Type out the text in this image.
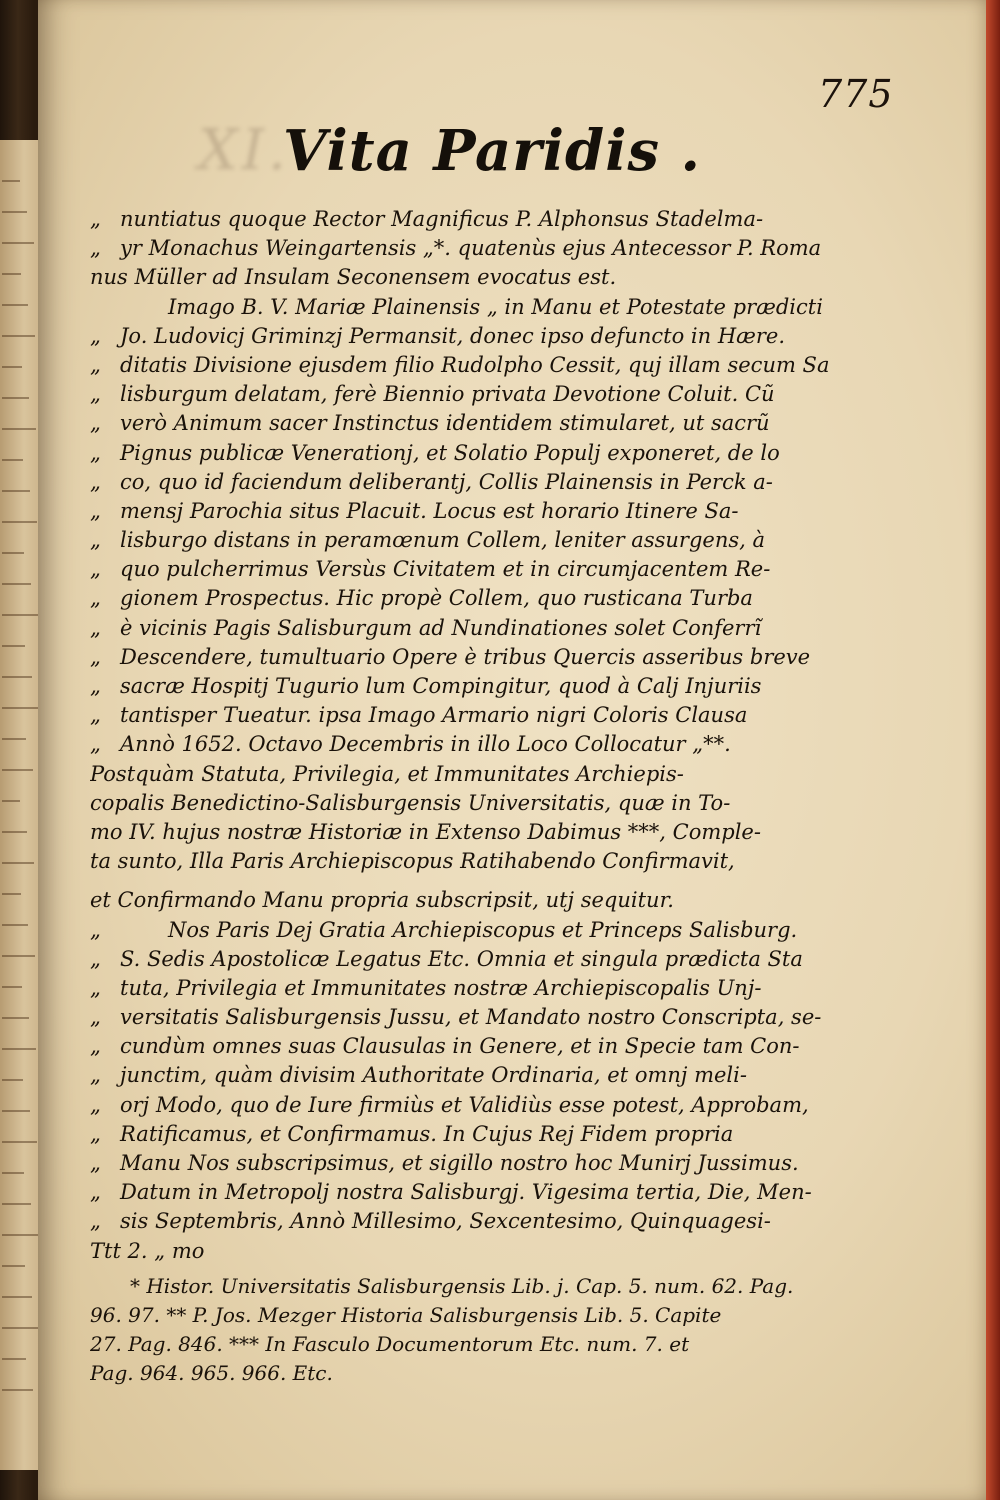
XI.
Vita Paridis .
775
„ nuntiatus quoque Rector Magnificus P. Alphonsus Stadelma-
„ yr Monachus Weingartensis „*. quatenùs ejus Antecessor P. Roma
nus Müller ad Insulam Seconensem evocatus est.
Imago B. V. Mariæ Plainensis „ in Manu et Potestate prædicti
„ Jo. Ludovicj Griminzj Permansit, donec ipso defuncto in Hære.
„ ditatis Divisione ejusdem filio Rudolpho Cessit, quj illam secum Sa
„ lisburgum delatam, ferè Biennio privata Devotione Coluit. Cũ
„ verò Animum sacer Instinctus identidem stimularet, ut sacrũ
„ Pignus publicæ Venerationj, et Solatio Populj exponeret, de lo
„ co, quo id faciendum deliberantj, Collis Plainensis in Perck a-
„ mensj Parochia situs Placuit. Locus est horario Itinere Sa-
„ lisburgo distans in peramœnum Collem, leniter assurgens, à
„ quo pulcherrimus Versùs Civitatem et in circumjacentem Re-
„ gionem Prospectus. Hic propè Collem, quo rusticana Turba
„ è vicinis Pagis Salisburgum ad Nundinationes solet Conferrĩ
„ Descendere, tumultuario Opere è tribus Quercis asseribus breve
„ sacræ Hospitj Tugurio lum Compingitur, quod à Calj Injuriis
„ tantisper Tueatur. ipsa Imago Armario nigri Coloris Clausa
„ Annò 1652. Octavo Decembris in illo Loco Collocatur „**.
Postquàm Statuta, Privilegia, et Immunitates Archiepis-
copalis Benedictino-Salisburgensis Universitatis, quæ in To-
mo IV. hujus nostræ Historiæ in Extenso Dabimus ***, Comple-
ta sunto, Illa Paris Archiepiscopus Ratihabendo Confirmavit,
et Confirmando Manu propria subscripsit, utj sequitur.
„	Nos Paris Dej Gratia Archiepiscopus et Princeps Salisburg.
„ S. Sedis Apostolicæ Legatus Etc. Omnia et singula prædicta Sta
„ tuta, Privilegia et Immunitates nostræ Archiepiscopalis Unj-
„ versitatis Salisburgensis Jussu, et Mandato nostro Conscripta, se-
„ cundùm omnes suas Clausulas in Genere, et in Specie tam Con-
„ junctim, quàm divisim Authoritate Ordinaria, et omnj meli-
„ orj Modo, quo de Iure firmiùs et Validiùs esse potest, Approbam,
„ Ratificamus, et Confirmamus. In Cujus Rej Fidem propria
„ Manu Nos subscripsimus, et sigillo nostro hoc Munirj Jussimus.
„ Datum in Metropolj nostra Salisburgj. Vigesima tertia, Die, Men-
„ sis Septembris, Annò Millesimo, Sexcentesimo, Quinquagesi-
Ttt 2. „ mo
* Histor. Universitatis Salisburgensis Lib. j. Cap. 5. num. 62. Pag.
96. 97. ** P. Jos. Mezger Historia Salisburgensis Lib. 5. Capite
27. Pag. 846. *** In Fasculo Documentorum Etc. num. 7. et
Pag. 964. 965. 966. Etc.
